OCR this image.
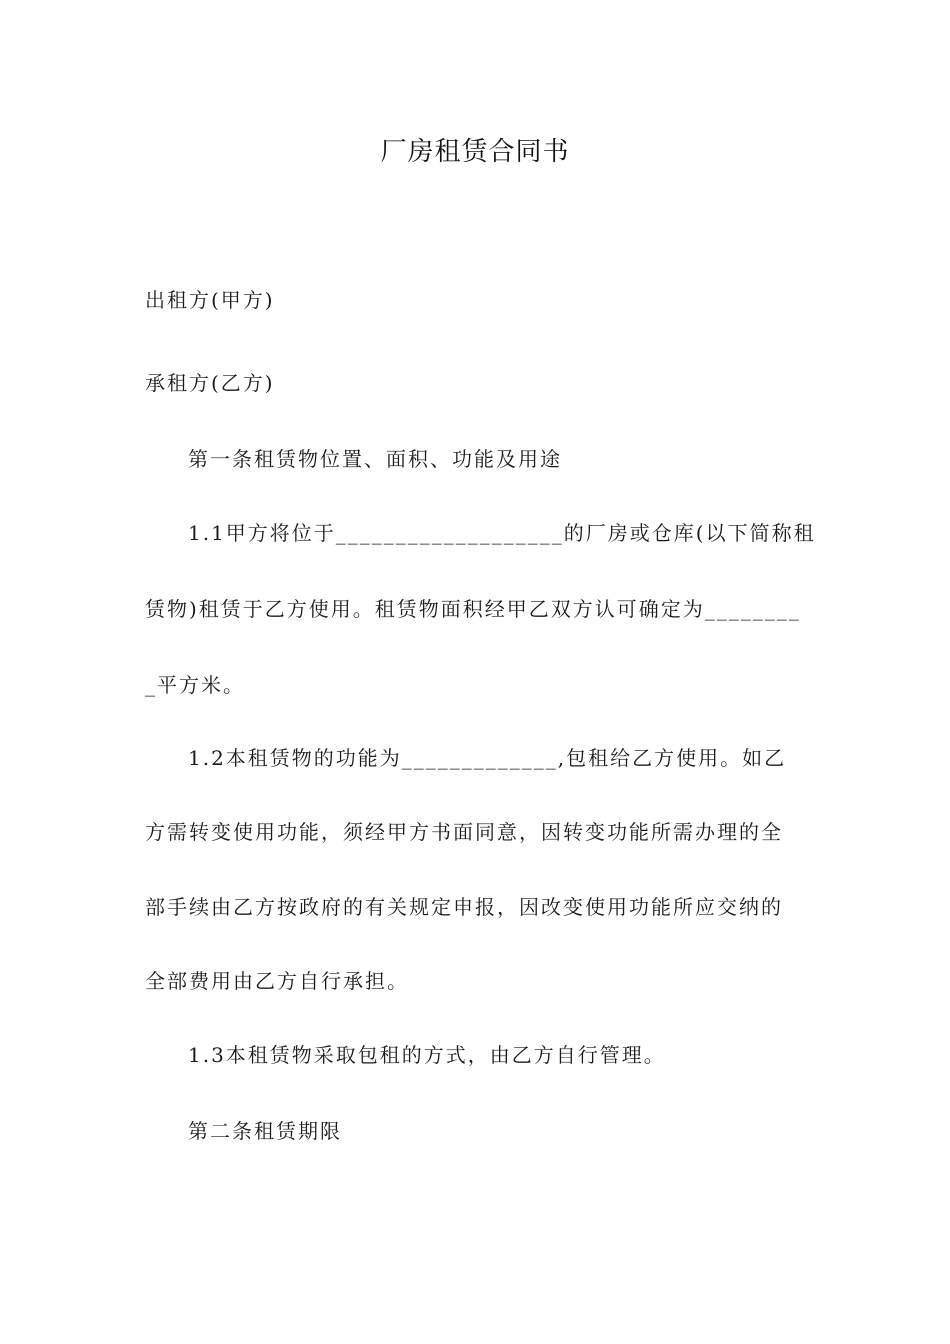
厂房租赁合同书
出租方(甲方)
承租方(乙方)
第一条租赁物位置、面积、功能及用途
1.1甲方将位于___________________的厂房或仓库(以下简称租
赁物)租赁于乙方使用。租赁物面积经甲乙双方认可确定为________
_平方米。
1.2本租赁物的功能为_____________,包租给乙方使用。如乙
方需转变使用功能，须经甲方书面同意，因转变功能所需办理的全
部手续由乙方按政府的有关规定申报，因改变使用功能所应交纳的
全部费用由乙方自行承担。
1.3本租赁物采取包租的方式，由乙方自行管理。
第二条租赁期限
